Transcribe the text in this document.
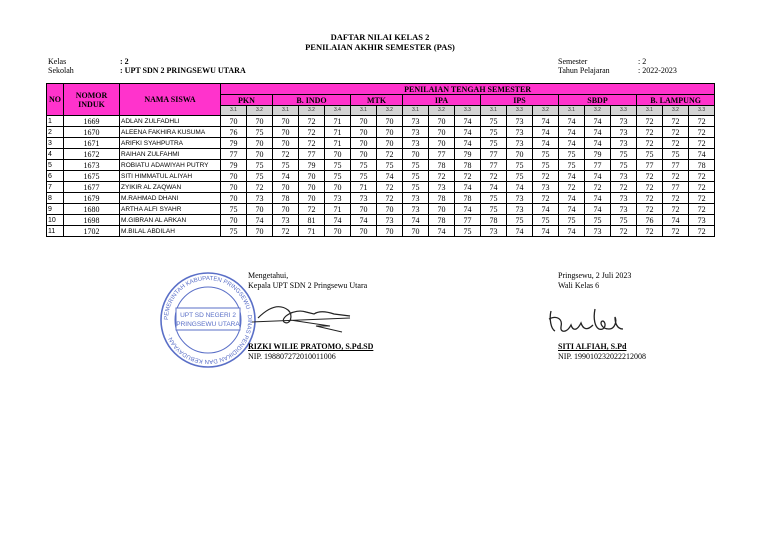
DAFTAR NILAI KELAS 2
PENILAIAN AKHIR SEMESTER (PAS)
Kelas	: 2
Sekolah	: UPT SDN 2 PRINGSEWU UTARA
Semester	: 2
Tahun Pelajaran	: 2022-2023
NO	NOMOR INDUK	NAMA SISWA	PENILAIAN TENGAH SEMESTER																		
			PKN		B. INDO			MTK		IPA			IPS			SBDP			B. LAMPUNG		
			3.1	3.2	3.1	3.2	3.4	3.1	3.2	3.1	3.2	3.3	3.1	3.3	3.2	3.1	3.2	3.3	3.1	3.2	3.3
1	1669	ADLAN ZULFADHLI	70	70	70	72	71	70	70	73	70	74	75	73	74	74	74	73	72	72	72
2	1670	ALEENA FAKHIRA KUSUMA	76	75	70	72	71	70	70	73	70	74	75	73	74	74	74	73	72	72	72
3	1671	ARIFKI SYAHPUTRA	79	70	70	72	71	70	70	73	70	74	75	73	74	74	74	73	72	72	72
4	1672	RAIHAN ZULFAHMI	77	70	72	77	70	70	72	70	77	79	77	70	75	75	79	75	75	75	74
5	1673	ROBIATU ADAWIYAH PUTRY	79	75	75	79	75	75	75	75	78	78	77	75	75	75	77	75	77	77	78
6	1675	SITI HIMMATUL ALIYAH	70	75	74	70	75	75	74	75	72	72	72	75	72	74	74	73	72	72	72
7	1677	ZYIKIR AL ZAQWAN	70	72	70	70	70	71	72	75	73	74	74	74	73	72	72	72	72	77	72
8	1679	M.RAHMAD DHANI	70	73	78	70	73	73	72	73	78	78	75	73	72	74	74	73	72	72	72
9	1680	ARTHA ALFI SYAHR	75	70	70	72	71	70	70	73	70	74	75	73	74	74	74	73	72	72	72
10	1698	M.GIBRAN AL ARKAN	70	74	73	81	74	74	73	74	78	77	78	75	75	75	75	75	76	74	73
11	1702	M.BILAL ABDILAH	75	70	72	71	70	70	70	70	74	75	73	74	74	74	73	72	72	72	72
PEMERINTAH KABUPATEN PRINGSEWU · DINAS PENDIDIKAN DAN KEBUDAYAAN ·
UPT SD NEGERI 2
PRINGSEWU UTARA
Mengetahui,
Kepala UPT SDN 2 Pringsewu Utara
RIZKI WILIE PRATOMO, S.Pd.SD
NIP. 198807272010011006
Pringsewu, 2 Juli 2023
Wali Kelas 6
SITI ALFIAH, S.Pd
NIP. 199010232022212008
